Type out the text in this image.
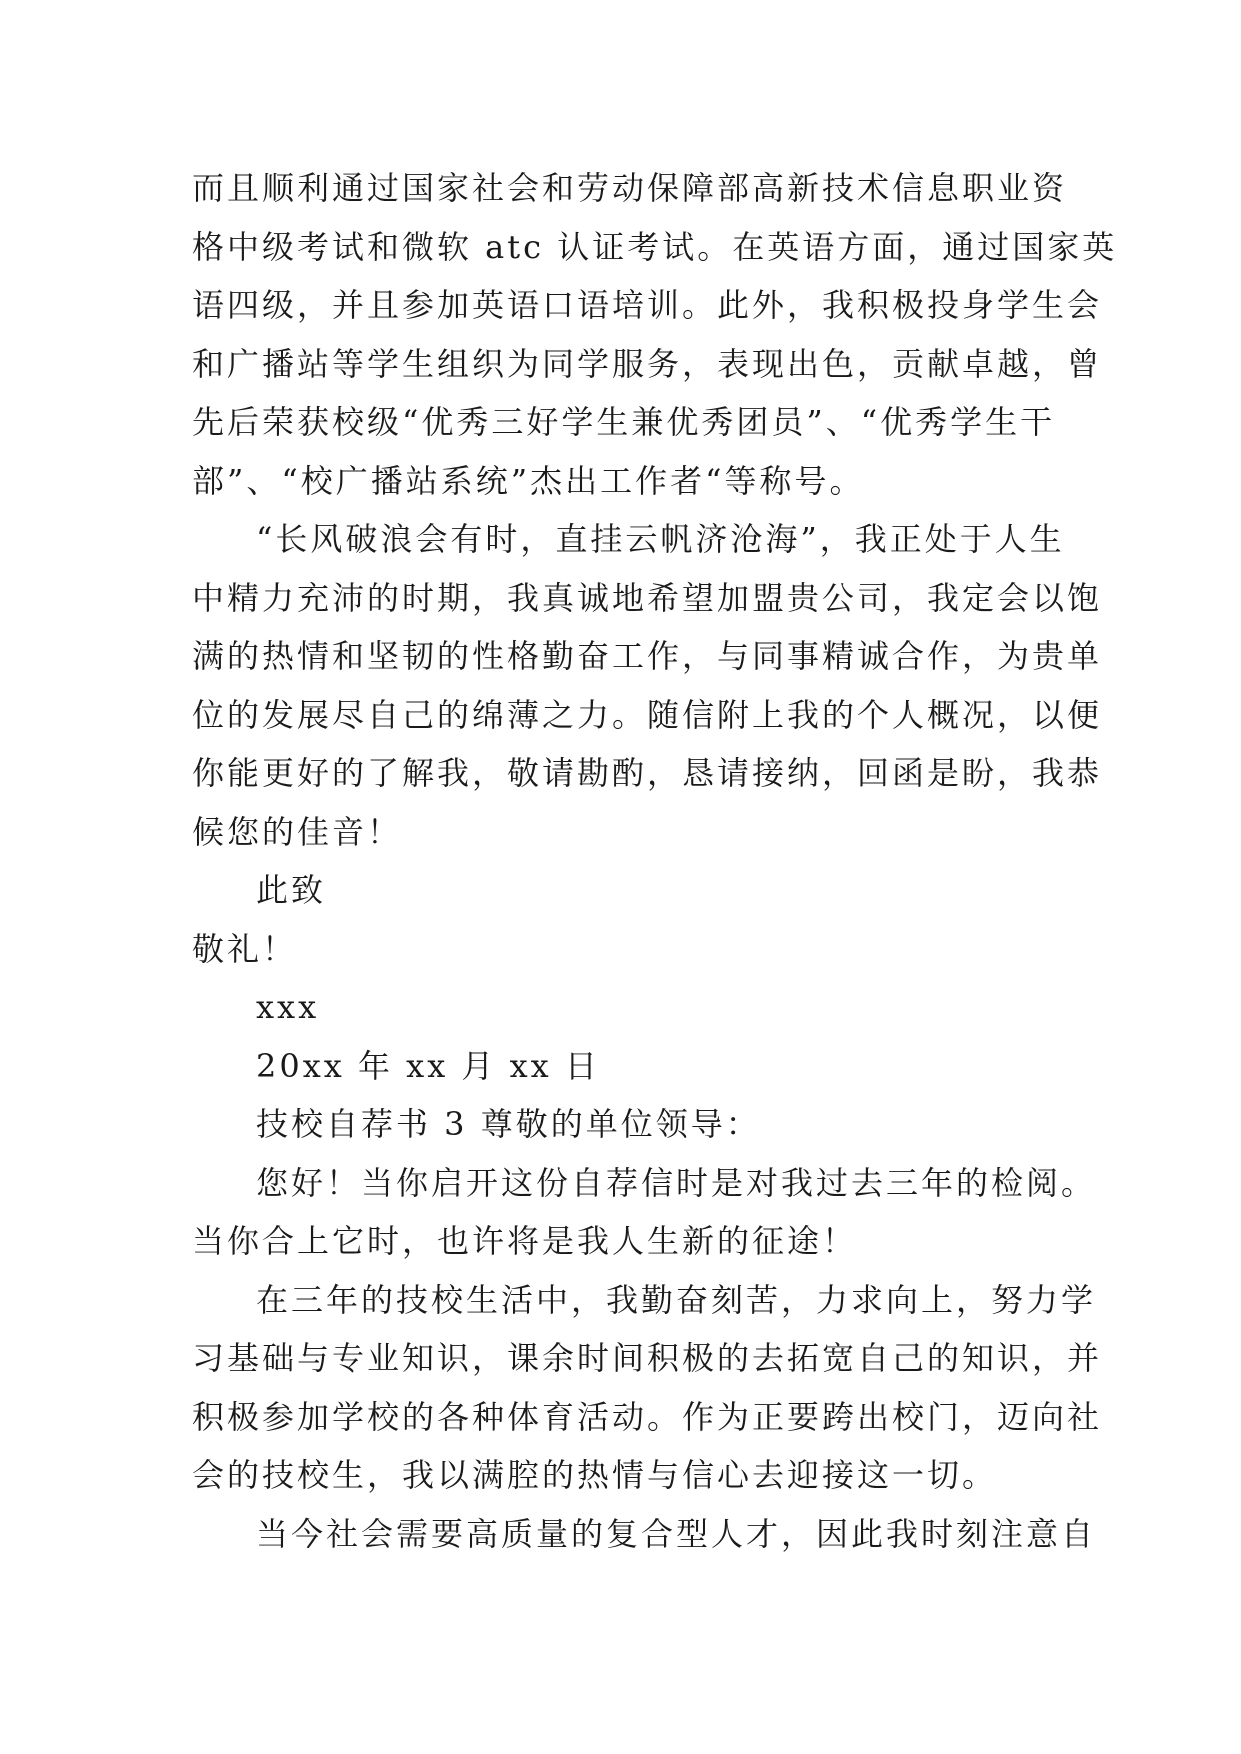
而且顺利通过国家社会和劳动保障部高新技术信息职业资
格中级考试和微软 atc 认证考试。在英语方面，通过国家英
语四级，并且参加英语口语培训。此外，我积极投身学生会
和广播站等学生组织为同学服务，表现出色，贡献卓越，曾
先后荣获校级“优秀三好学生兼优秀团员”、“优秀学生干
部”、“校广播站系统”杰出工作者“等称号。
“长风破浪会有时，直挂云帆济沧海”，我正处于人生
中精力充沛的时期，我真诚地希望加盟贵公司，我定会以饱
满的热情和坚韧的性格勤奋工作，与同事精诚合作，为贵单
位的发展尽自己的绵薄之力。随信附上我的个人概况，以便
你能更好的了解我，敬请勘酌，恳请接纳，回函是盼，我恭
候您的佳音！
此致
敬礼！
xxx
20xx 年 xx 月 xx 日
技校自荐书 3 尊敬的单位领导：
您好！当你启开这份自荐信时是对我过去三年的检阅。
当你合上它时，也许将是我人生新的征途！
在三年的技校生活中，我勤奋刻苦，力求向上，努力学
习基础与专业知识，课余时间积极的去拓宽自己的知识，并
积极参加学校的各种体育活动。作为正要跨出校门，迈向社
会的技校生，我以满腔的热情与信心去迎接这一切。
当今社会需要高质量的复合型人才，因此我时刻注意自
